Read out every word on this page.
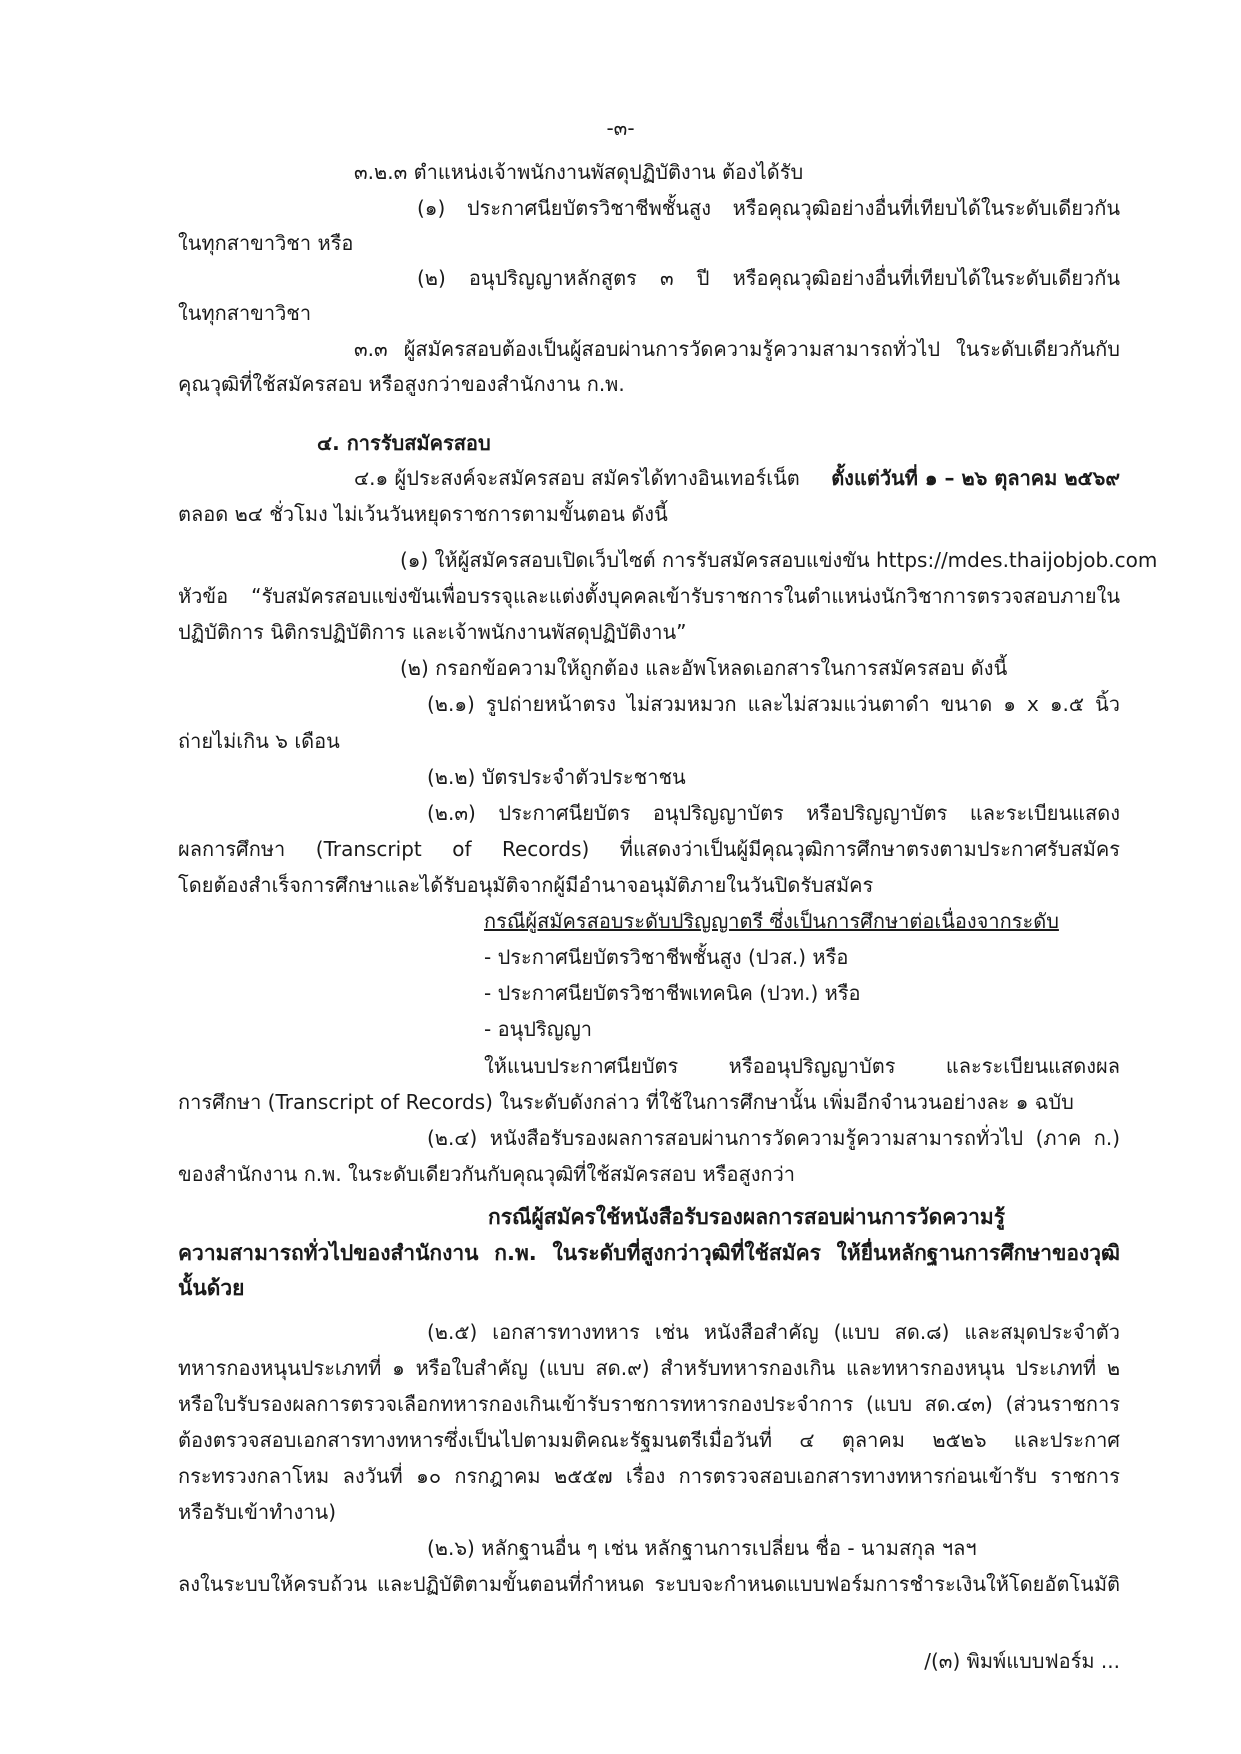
-๓-

๓.๒.๓ ตำแหน่งเจ้าพนักงานพัสดุปฏิบัติงาน ต้องได้รับ

(๑) ประกาศนียบัตรวิชาชีพชั้นสูง หรือคุณวุฒิอย่างอื่นที่เทียบได้ในระดับเดียวกัน

ในทุกสาขาวิชา หรือ

(๒) อนุปริญญาหลักสูตร ๓ ปี หรือคุณวุฒิอย่างอื่นที่เทียบได้ในระดับเดียวกัน

ในทุกสาขาวิชา

๓.๓ ผู้สมัครสอบต้องเป็นผู้สอบผ่านการวัดความรู้ความสามารถทั่วไป ในระดับเดียวกันกับ

คุณวุฒิที่ใช้สมัครสอบ หรือสูงกว่าของสำนักงาน ก.พ.

๔. การรับสมัครสอบ

๔.๑ ผู้ประสงค์จะสมัครสอบ สมัครได้ทางอินเทอร์เน็ต ตั้งแต่วันที่ ๑ – ๒๖ ตุลาคม ๒๕๖๙

ตลอด ๒๔ ชั่วโมง ไม่เว้นวันหยุดราชการตามขั้นตอน ดังนี้

(๑) ให้ผู้สมัครสอบเปิดเว็บไซต์ การรับสมัครสอบแข่งขัน https://mdes.thaijobjob.com

หัวข้อ “รับสมัครสอบแข่งขันเพื่อบรรจุและแต่งตั้งบุคคลเข้ารับราชการในตำแหน่งนักวิชาการตรวจสอบภายใน

ปฏิบัติการ นิติกรปฏิบัติการ และเจ้าพนักงานพัสดุปฏิบัติงาน”

(๒) กรอกข้อความให้ถูกต้อง และอัพโหลดเอกสารในการสมัครสอบ ดังนี้

(๒.๑) รูปถ่ายหน้าตรง ไม่สวมหมวก และไม่สวมแว่นตาดำ ขนาด ๑ x ๑.๕ นิ้ว

ถ่ายไม่เกิน ๖ เดือน

(๒.๒) บัตรประจำตัวประชาชน

(๒.๓) ประกาศนียบัตร อนุปริญญาบัตร หรือปริญญาบัตร และระเบียนแสดง

ผลการศึกษา (Transcript of Records) ที่แสดงว่าเป็นผู้มีคุณวุฒิการศึกษาตรงตามประกาศรับสมัคร

โดยต้องสำเร็จการศึกษาและได้รับอนุมัติจากผู้มีอำนาจอนุมัติภายในวันปิดรับสมัคร

กรณีผู้สมัครสอบระดับปริญญาตรี ซึ่งเป็นการศึกษาต่อเนื่องจากระดับ

- ประกาศนียบัตรวิชาชีพชั้นสูง (ปวส.) หรือ

- ประกาศนียบัตรวิชาชีพเทคนิค (ปวท.) หรือ

- อนุปริญญา

ให้แนบประกาศนียบัตร หรืออนุปริญญาบัตร และระเบียนแสดงผล

การศึกษา (Transcript of Records) ในระดับดังกล่าว ที่ใช้ในการศึกษานั้น เพิ่มอีกจำนวนอย่างละ ๑ ฉบับ

(๒.๔) หนังสือรับรองผลการสอบผ่านการวัดความรู้ความสามารถทั่วไป (ภาค ก.)

ของสำนักงาน ก.พ. ในระดับเดียวกันกับคุณวุฒิที่ใช้สมัครสอบ หรือสูงกว่า

กรณีผู้สมัครใช้หนังสือรับรองผลการสอบผ่านการวัดความรู้

ความสามารถทั่วไปของสำนักงาน ก.พ. ในระดับที่สูงกว่าวุฒิที่ใช้สมัคร ให้ยื่นหลักฐานการศึกษาของวุฒิ

นั้นด้วย

(๒.๕) เอกสารทางทหาร เช่น หนังสือสำคัญ (แบบ สด.๘) และสมุดประจำตัว

ทหารกองหนุนประเภทที่ ๑ หรือใบสำคัญ (แบบ สด.๙) สำหรับทหารกองเกิน และทหารกองหนุน ประเภทที่ ๒

หรือใบรับรองผลการตรวจเลือกทหารกองเกินเข้ารับราชการทหารกองประจำการ (แบบ สด.๔๓) (ส่วนราชการ

ต้องตรวจสอบเอกสารทางทหารซึ่งเป็นไปตามมติคณะรัฐมนตรีเมื่อวันที่ ๔ ตุลาคม ๒๕๒๖ และประกาศ

กระทรวงกลาโหม ลงวันที่ ๑๐ กรกฎาคม ๒๕๕๗ เรื่อง การตรวจสอบเอกสารทางทหารก่อนเข้ารับ ราชการ

หรือรับเข้าทำงาน)

(๒.๖) หลักฐานอื่น ๆ เช่น หลักฐานการเปลี่ยน ชื่อ - นามสกุล ฯลฯ

ลงในระบบให้ครบถ้วน และปฏิบัติตามขั้นตอนที่กำหนด ระบบจะกำหนดแบบฟอร์มการชำระเงินให้โดยอัตโนมัติ

/(๓) พิมพ์แบบฟอร์ม ...
